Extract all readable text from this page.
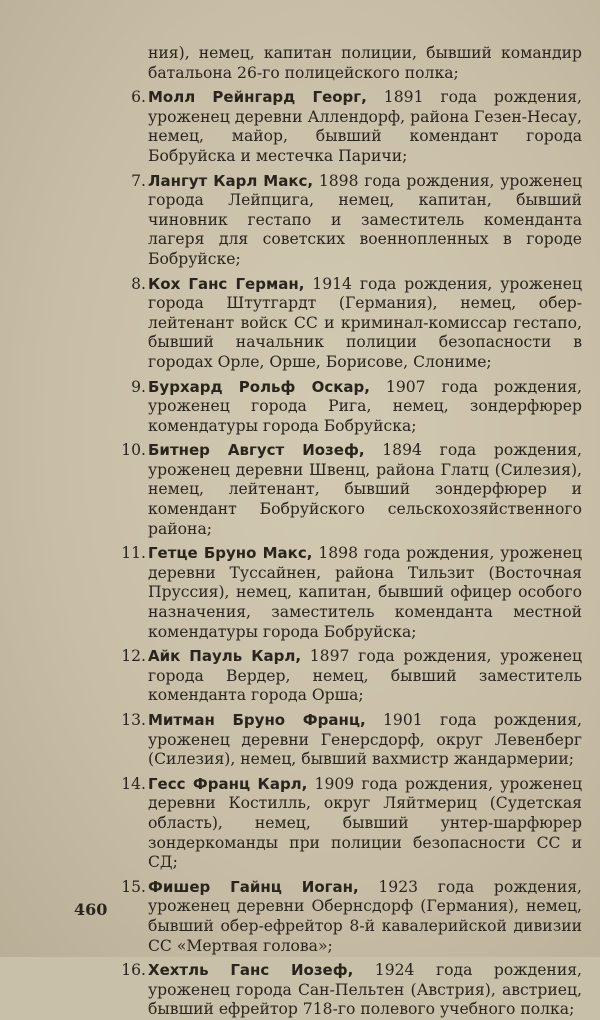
ния), немец, капитан полиции, бывший командир батальона 26-го полицейского полка;
6. Молл Рейнгард Георг, 1891 года рождения, уроженец деревни Аллендорф, района Гезен-Несау, немец, майор, бывший комендант города Бобруйска и местечка Паричи;
7. Лангут Карл Макс, 1898 года рождения, уроженец города Лейпцига, немец, капитан, бывший чиновник гестапо и заместитель коменданта лагеря для советских военнопленных в городе Бобруйске;
8. Кох Ганс Герман, 1914 года рождения, уроженец города Штутгардт (Германия), немец, обер-лейтенант войск СС и криминал-комиссар гестапо, бывший начальник полиции безопасности в городах Орле, Орше, Борисове, Слониме;
9. Бурхард Рольф Оскар, 1907 года рождения, уроженец города Рига, немец, зондерфюрер комендатуры города Бобруйска;
10. Битнер Август Иозеф, 1894 года рождения, уроженец деревни Швенц, района Глатц (Силезия), немец, лейтенант, бывший зондерфюрер и комендант Бобруйского сельскохозяйственного района;
11. Гетце Бруно Макс, 1898 года рождения, уроженец деревни Туссайнен, района Тильзит (Восточная Пруссия), немец, капитан, бывший офицер особого назначения, заместитель коменданта местной комендатуры города Бобруйска;
12. Айк Пауль Карл, 1897 года рождения, уроженец города Вердер, немец, бывший заместитель коменданта города Орша;
13. Митман Бруно Франц, 1901 года рождения, уроженец деревни Генерсдорф, округ Левенберг (Силезия), немец, бывший вахмистр жандармерии;
14. Гесс Франц Карл, 1909 года рождения, уроженец деревни Костилль, округ Ляйтмериц (Судетская область), немец, бывший унтер-шарфюрер зондеркоманды при полиции безопасности СС и СД;
15. Фишер Гайнц Иоган, 1923 года рождения, уроженец деревни Обернсдорф (Германия), немец, бывший обер-ефрейтор 8-й кавалерийской дивизии СС «Мертвая голова»;
16. Хехтль Ганс Иозеф, 1924 года рождения, уроженец города Сан-Пельтен (Австрия), австриец, бывший ефрейтор 718-го полевого учебного полка;
460
